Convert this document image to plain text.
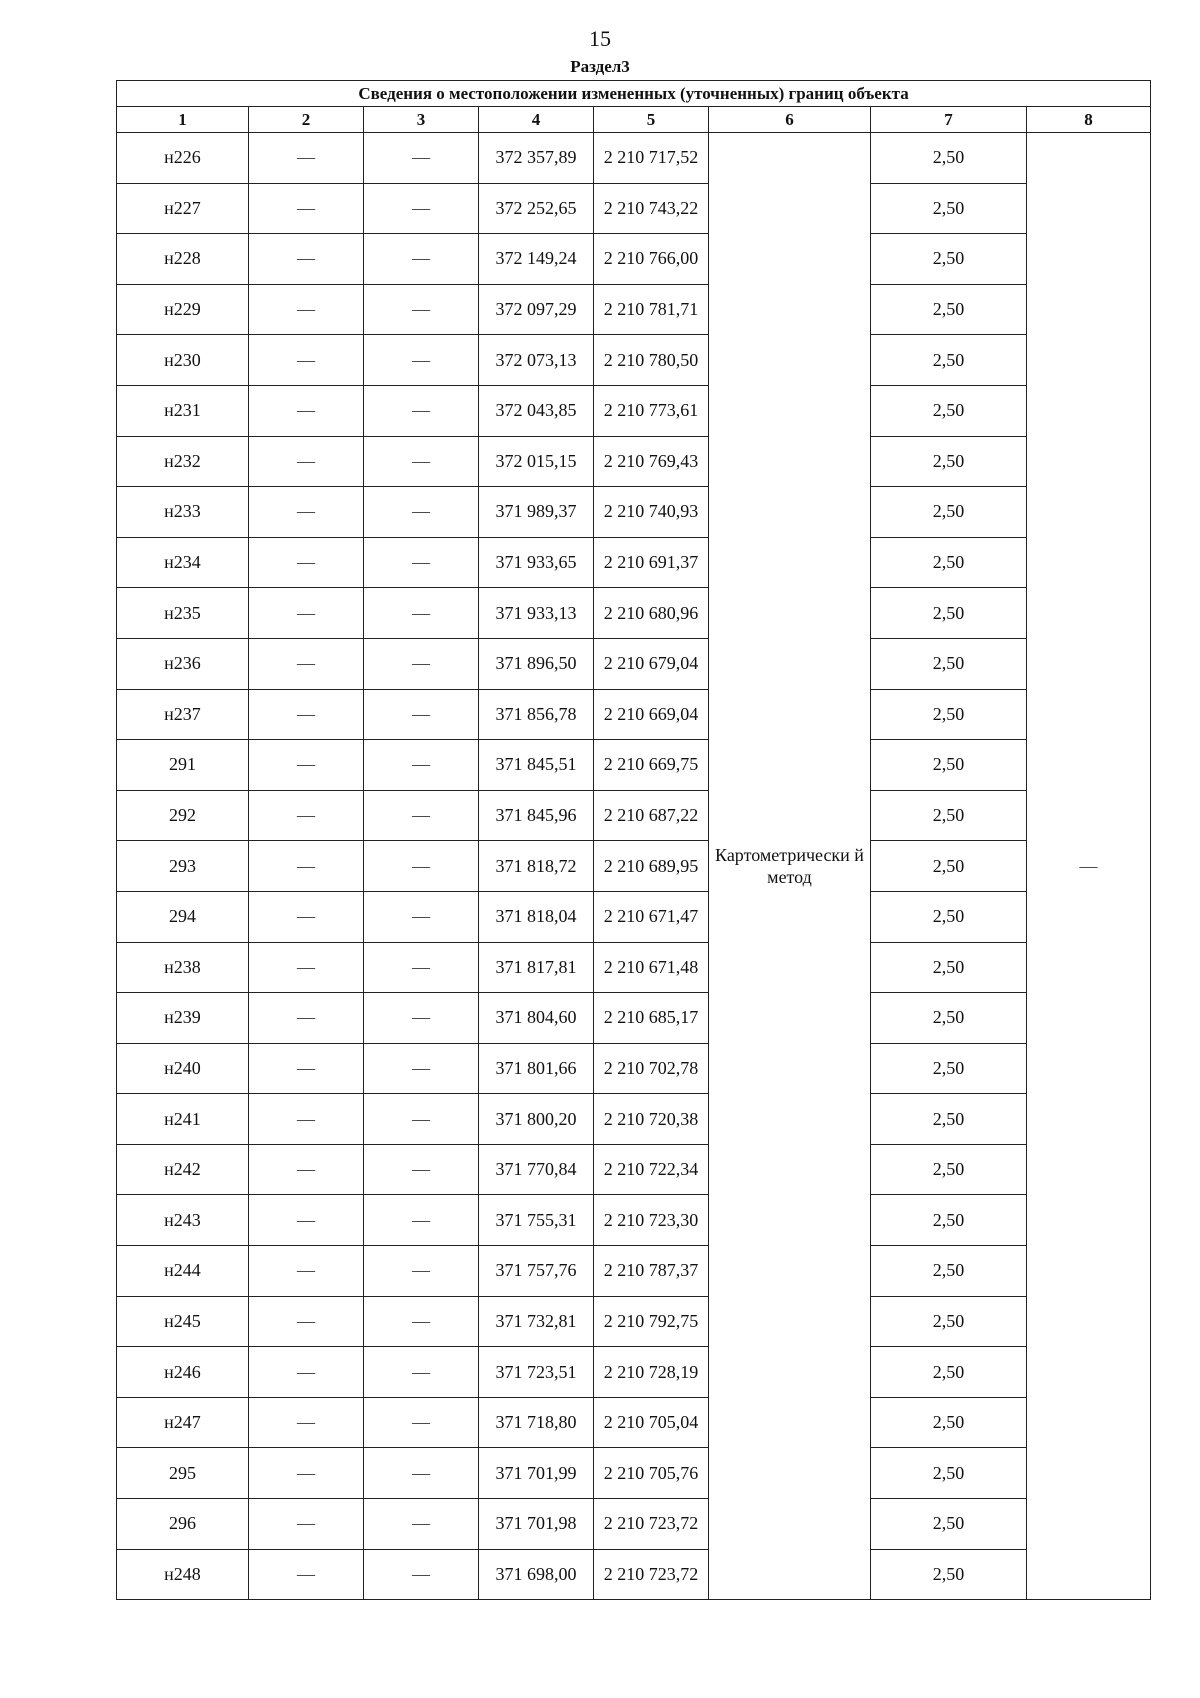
15
Раздел3
Сведения о местоположении измененных (уточненных) границ объекта							
1	2	3	4	5	6	7	8
н226	—	—	372 357,89	2 210 717,52	Картометрически й метод	2,50	—
н227	—	—	372 252,65	2 210 743,22		2,50	
н228	—	—	372 149,24	2 210 766,00		2,50	
н229	—	—	372 097,29	2 210 781,71		2,50	
н230	—	—	372 073,13	2 210 780,50		2,50	
н231	—	—	372 043,85	2 210 773,61		2,50	
н232	—	—	372 015,15	2 210 769,43		2,50	
н233	—	—	371 989,37	2 210 740,93		2,50	
н234	—	—	371 933,65	2 210 691,37		2,50	
н235	—	—	371 933,13	2 210 680,96		2,50	
н236	—	—	371 896,50	2 210 679,04		2,50	
н237	—	—	371 856,78	2 210 669,04		2,50	
291	—	—	371 845,51	2 210 669,75		2,50	
292	—	—	371 845,96	2 210 687,22		2,50	
293	—	—	371 818,72	2 210 689,95		2,50	
294	—	—	371 818,04	2 210 671,47		2,50	
н238	—	—	371 817,81	2 210 671,48		2,50	
н239	—	—	371 804,60	2 210 685,17		2,50	
н240	—	—	371 801,66	2 210 702,78		2,50	
н241	—	—	371 800,20	2 210 720,38		2,50	
н242	—	—	371 770,84	2 210 722,34		2,50	
н243	—	—	371 755,31	2 210 723,30		2,50	
н244	—	—	371 757,76	2 210 787,37		2,50	
н245	—	—	371 732,81	2 210 792,75		2,50	
н246	—	—	371 723,51	2 210 728,19		2,50	
н247	—	—	371 718,80	2 210 705,04		2,50	
295	—	—	371 701,99	2 210 705,76		2,50	
296	—	—	371 701,98	2 210 723,72		2,50	
н248	—	—	371 698,00	2 210 723,72		2,50	
